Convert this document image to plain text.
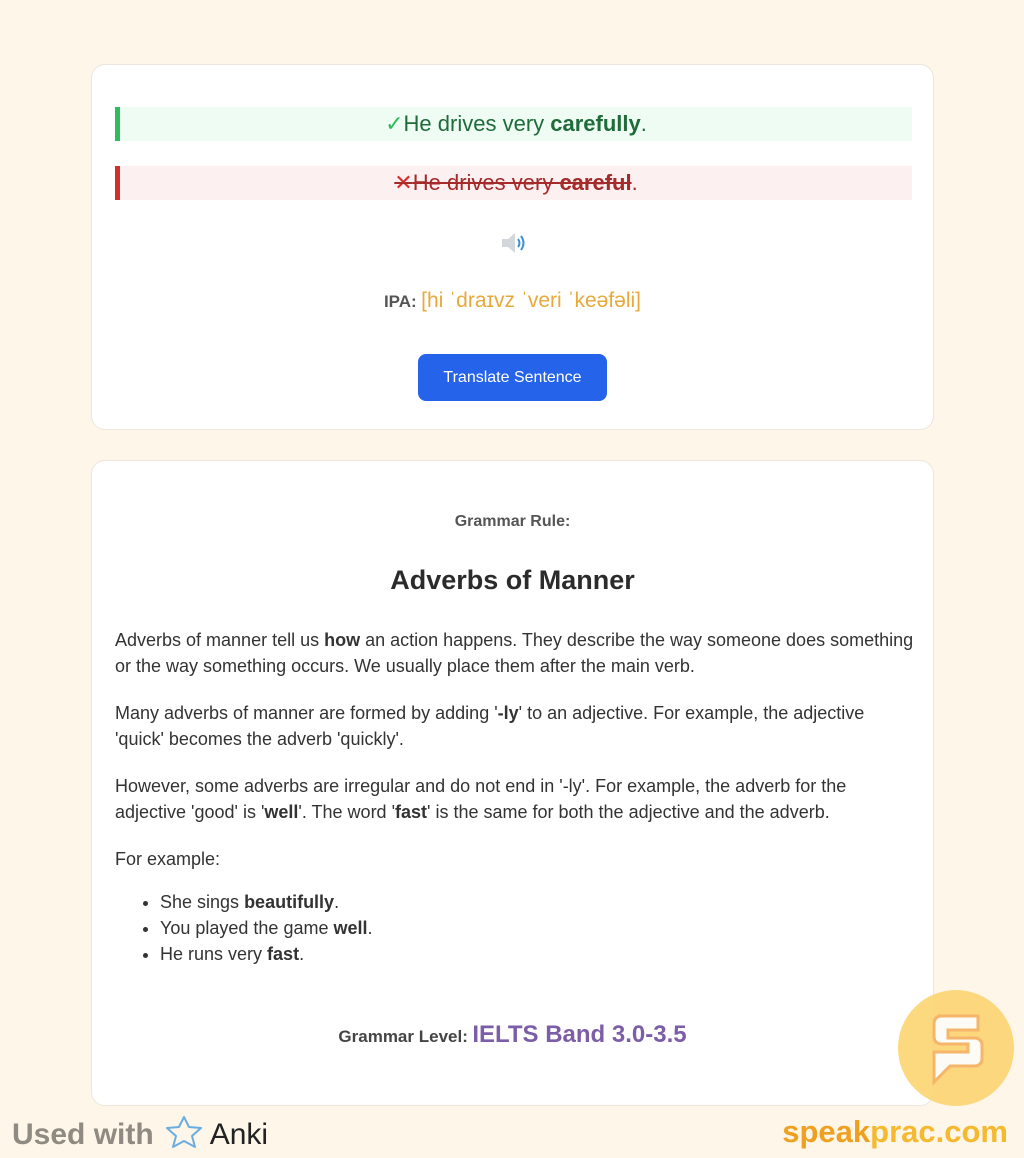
✓ He drives very carefully .
✕He drives very careful .
IPA: [hi ˈdraɪvz ˈveri ˈkeəfəli]
Translate Sentence
Grammar Rule:
Adverbs of Manner

Adverbs of manner tell us how an action happens. They describe the way someone does something or the way something occurs. We usually place them after the main verb.

Many adverbs of manner are formed by adding '-ly' to an adjective. For example, the adjective 'quick' becomes the adverb 'quickly'.

However, some adverbs are irregular and do not end in '-ly'. For example, the adverb for the adjective 'good' is 'well'. The word 'fast' is the same for both the adjective and the adverb.

For example:

• She sings beautifully.
• You played the game well.
• He runs very fast.
Grammar Level: IELTS Band 3.0-3.5
Used with Anki	speakprac.com
